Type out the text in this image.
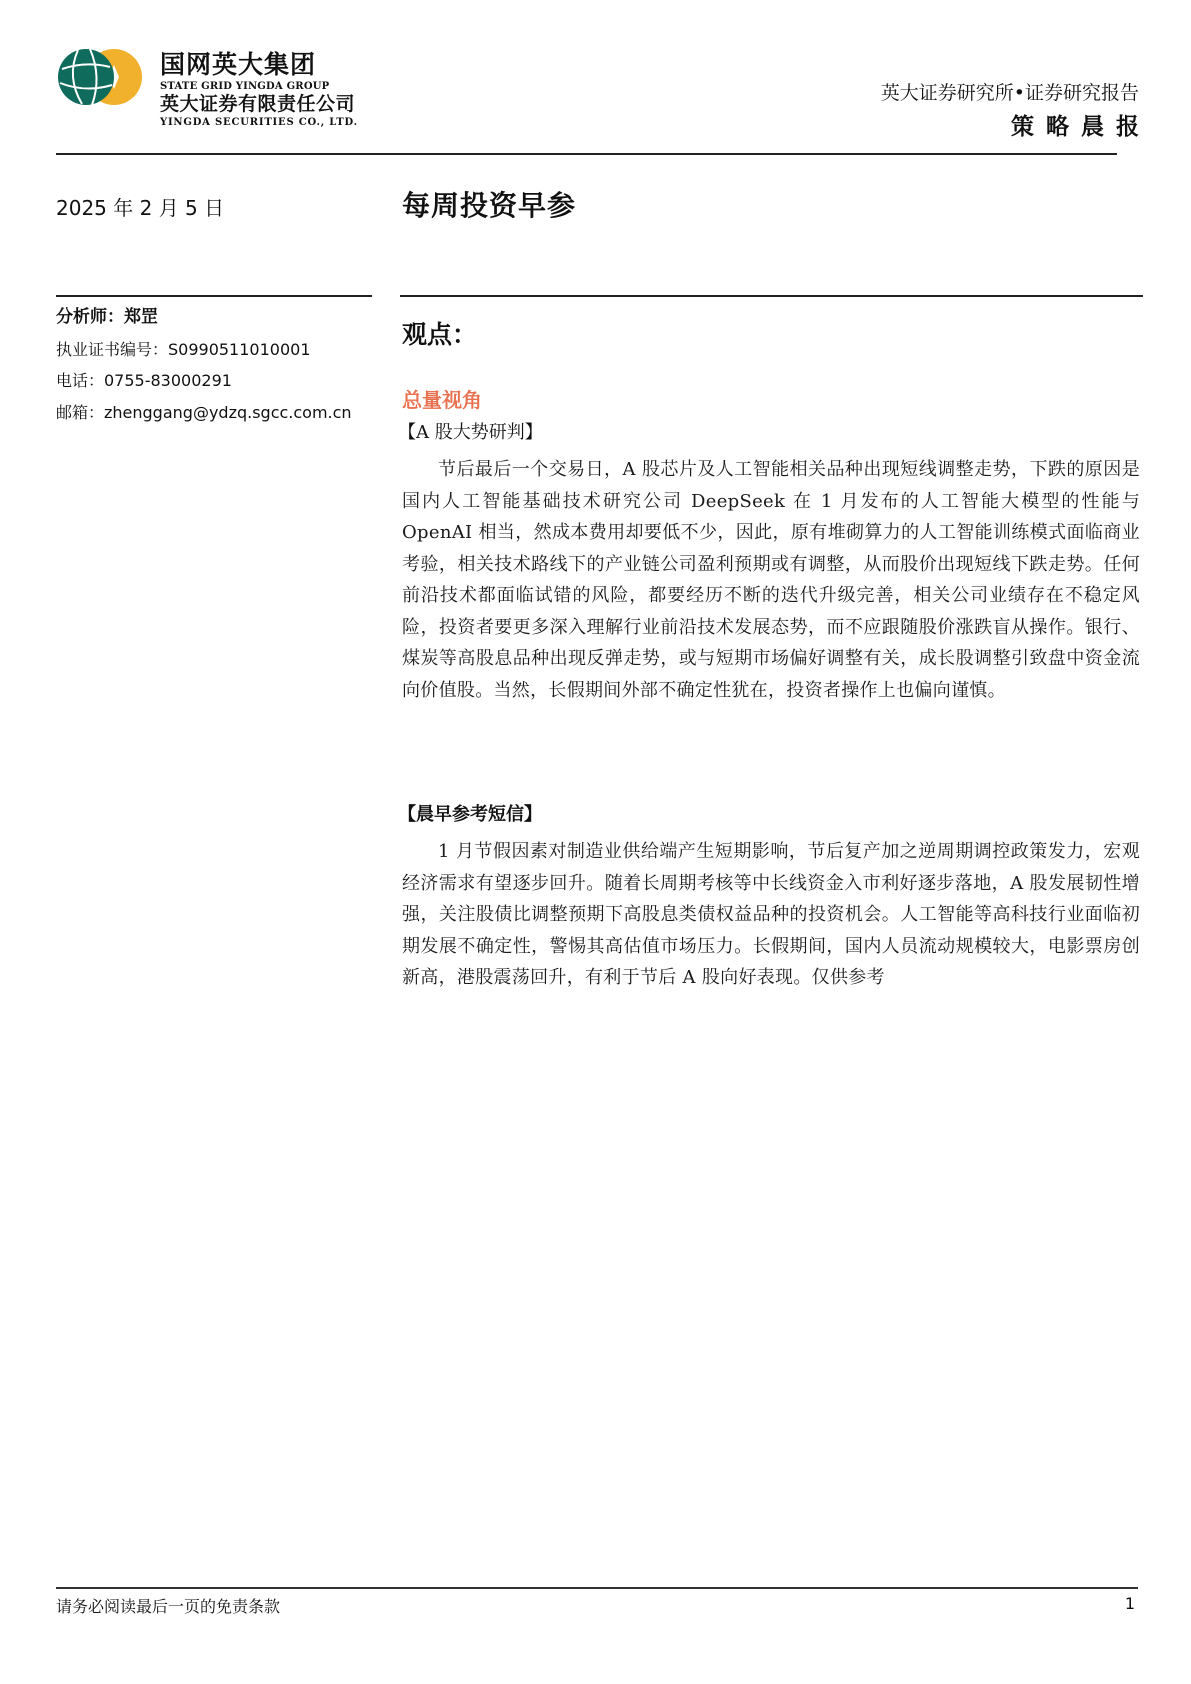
国网英大集团
STATE GRID YINGDA GROUP
英大证券有限责任公司
YINGDA SECURITIES CO., LTD.
英大证券研究所•证券研究报告
策略晨报
2025 年 2 月 5 日	每周投资早参
分析师：郑罡
执业证书编号：S0990511010001
电话：0755-83000291
邮箱：zhenggang@ydzq.sgcc.com.cn
观点：
总量视角
【A 股大势研判】

节后最后一个交易日，A 股芯片及人工智能相关品种出现短线调整走势，下跌的原因是国内人工智能基础技术研究公司 DeepSeek 在 1 月发布的人工智能大模型的性能与 OpenAI 相当，然成本费用却要低不少，因此，原有堆砌算力的人工智能训练模式面临商业考验，相关技术路线下的产业链公司盈利预期或有调整，从而股价出现短线下跌走势。任何前沿技术都面临试错的风险，都要经历不断的迭代升级完善，相关公司业绩存在不稳定风险，投资者要更多深入理解行业前沿技术发展态势，而不应跟随股价涨跌盲从操作。银行、煤炭等高股息品种出现反弹走势，或与短期市场偏好调整有关，成长股调整引致盘中资金流向价值股。当然，长假期间外部不确定性犹在，投资者操作上也偏向谨慎。

【晨早参考短信】

1 月节假因素对制造业供给端产生短期影响，节后复产加之逆周期调控政策发力，宏观经济需求有望逐步回升。随着长周期考核等中长线资金入市利好逐步落地，A 股发展韧性增强，关注股债比调整预期下高股息类债权益品种的投资机会。人工智能等高科技行业面临初期发展不确定性，警惕其高估值市场压力。长假期间，国内人员流动规模较大，电影票房创新高，港股震荡回升，有利于节后 A 股向好表现。仅供参考

请务必阅读最后一页的免责条款	1
